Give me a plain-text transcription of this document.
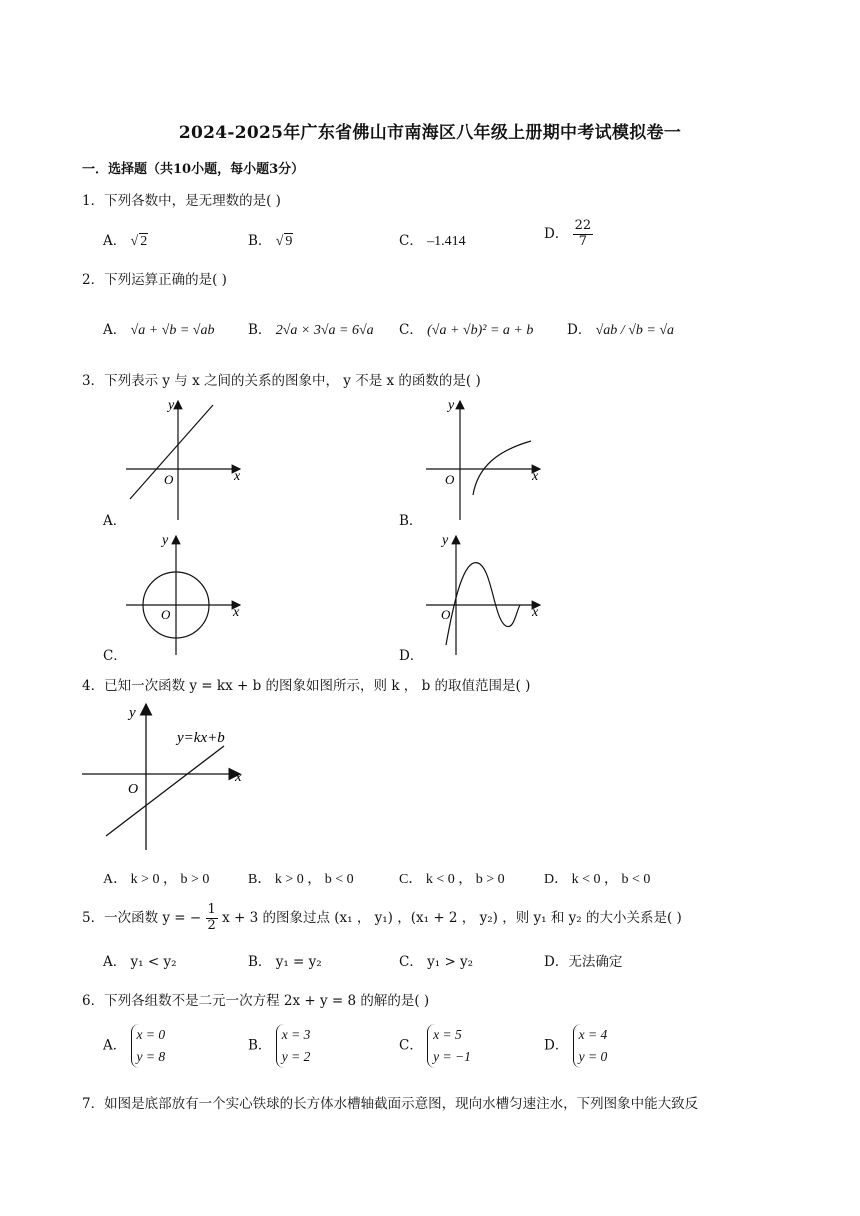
2024-2025年广东省佛山市南海区八年级上册期中考试模拟卷一
一．选择题（共10小题，每小题3分）
1．下列各数中，是无理数的是( )
A． √ 2	B． √ 9	C． –1.414	D． $\frac{22}{7}$
2．下列运算正确的是( )
A． √a + √b = √ab B． 2√a × 3√a = 6√a C． (√a + √b)² = a + b D． √ab / √b = √a
3．下列表示 y 与 x 之间的关系的图象中， y 不是 x 的函数的是( )
x
y
O
A．
x
y
O
B．
x
y
O
C．
x
y
O
D．
4．已知一次函数 y = kx + b 的图象如图所示，则 k ， b 的取值范围是( )
x
y
O
y=kx+b
A． k > 0 ， b > 0	B． k > 0 ， b < 0	C． k < 0 ， b > 0	D． k < 0 ， b < 0
5．一次函数 y = − $\frac{1}{2}$ x + 3 的图象过点 (x₁ ， y₁) ，(x₁ + 2 ， y₂) ，则 y₁ 和 y₂ 的大小关系是( )
A． y₁ < y₂	B． y₁ = y₂	C． y₁ > y₂	D．无法确定
6．下列各组数不是二元一次方程 2x + y = 8 的解的是( )
A．
x = 0
y = 8
B．
x = 3
y = 2
C．
x = 5
y = −1
D．
x = 4
y = 0
7．如图是底部放有一个实心铁球的长方体水槽轴截面示意图，现向水槽匀速注水，下列图象中能大致反
